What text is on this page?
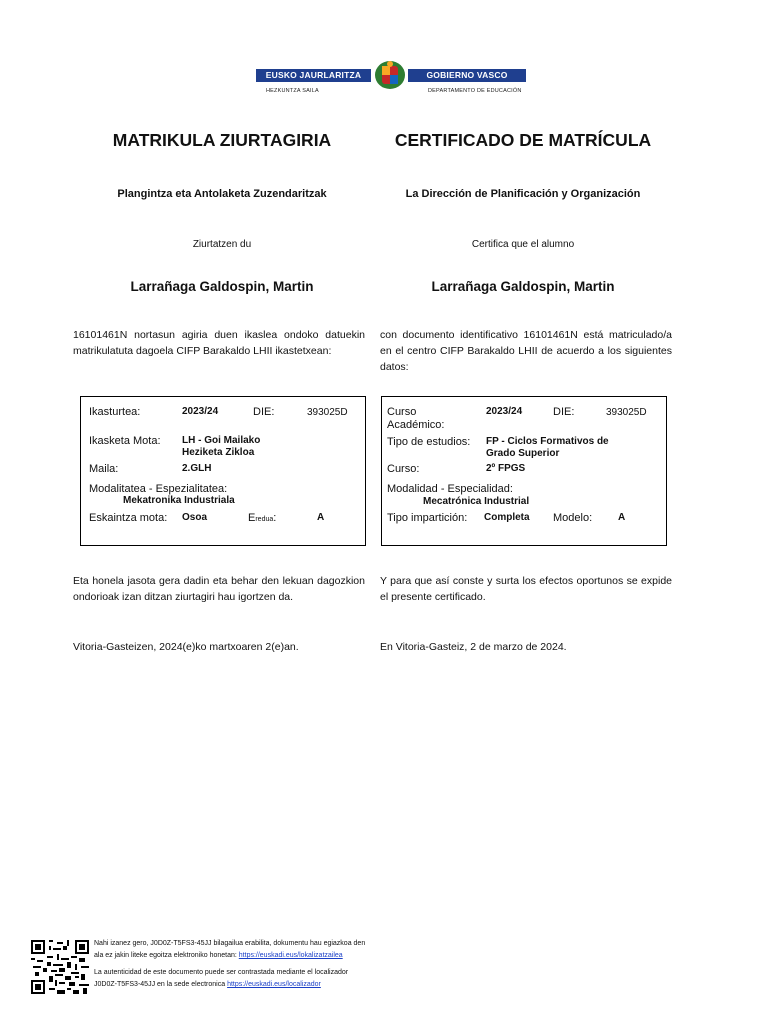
EUSKO JAURLARITZA	GOBIERNO VASCO
HEZKUNTZA SAILA	DEPARTAMENTO DE EDUCACIÓN
MATRIKULA ZIURTAGIRIA	CERTIFICADO DE MATRÍCULA
Plangintza eta Antolaketa Zuzendaritzak	La Dirección de Planificación y Organización
Ziurtatzen du	Certifica que el alumno
Larrañaga Galdospin, Martin	Larrañaga Galdospin, Martin
16101461N nortasun agiria duen ikaslea ondoko datuekin matrikulatuta dagoela CIFP Barakaldo LHII ikastetxean:
con documento identificativo 16101461N está matriculado/a en el centro CIFP Barakaldo LHII de acuerdo a los siguientes datos:
Ikasturtea:	2023/24	DIE:	393025D
Ikasketa Mota: LH - Goi Mailako
Heziketa Zikloa
Maila:	2.GLH
Modalitatea - Espezialitatea:
Mekatronika Industriala
Eskaintza mota: Osoa	Eredua:	A
Curso
Académico:
2023/24	DIE:	393025D
Tipo de estudios: FP - Ciclos Formativos de
Grado Superior
Curso:	2º FPGS
Modalidad - Especialidad:
Mecatrónica Industrial
Tipo impartición: Completa Modelo:	A
Eta honela jasota gera dadin eta behar den lekuan dagozkion ondorioak izan ditzan ziurtagiri hau igortzen da.
Y para que así conste y surta los efectos oportunos se expide el presente certificado.
Vitoria-Gasteizen, 2024(e)ko martxoaren 2(e)an.	En Vitoria-Gasteiz, 2 de marzo de 2024.
Nahi izanez gero, J0D0Z-T5FS3-45JJ bilagailua erabilita, dokumentu hau egiazkoa den
ala ez jakin liteke egoitza elektroniko honetan: https://euskadi.eus/lokalizatzailea
La autenticidad de este documento puede ser contrastada mediante el localizador
J0D0Z-T5FS3-45JJ en la sede electronica https://euskadi.eus/localizador
